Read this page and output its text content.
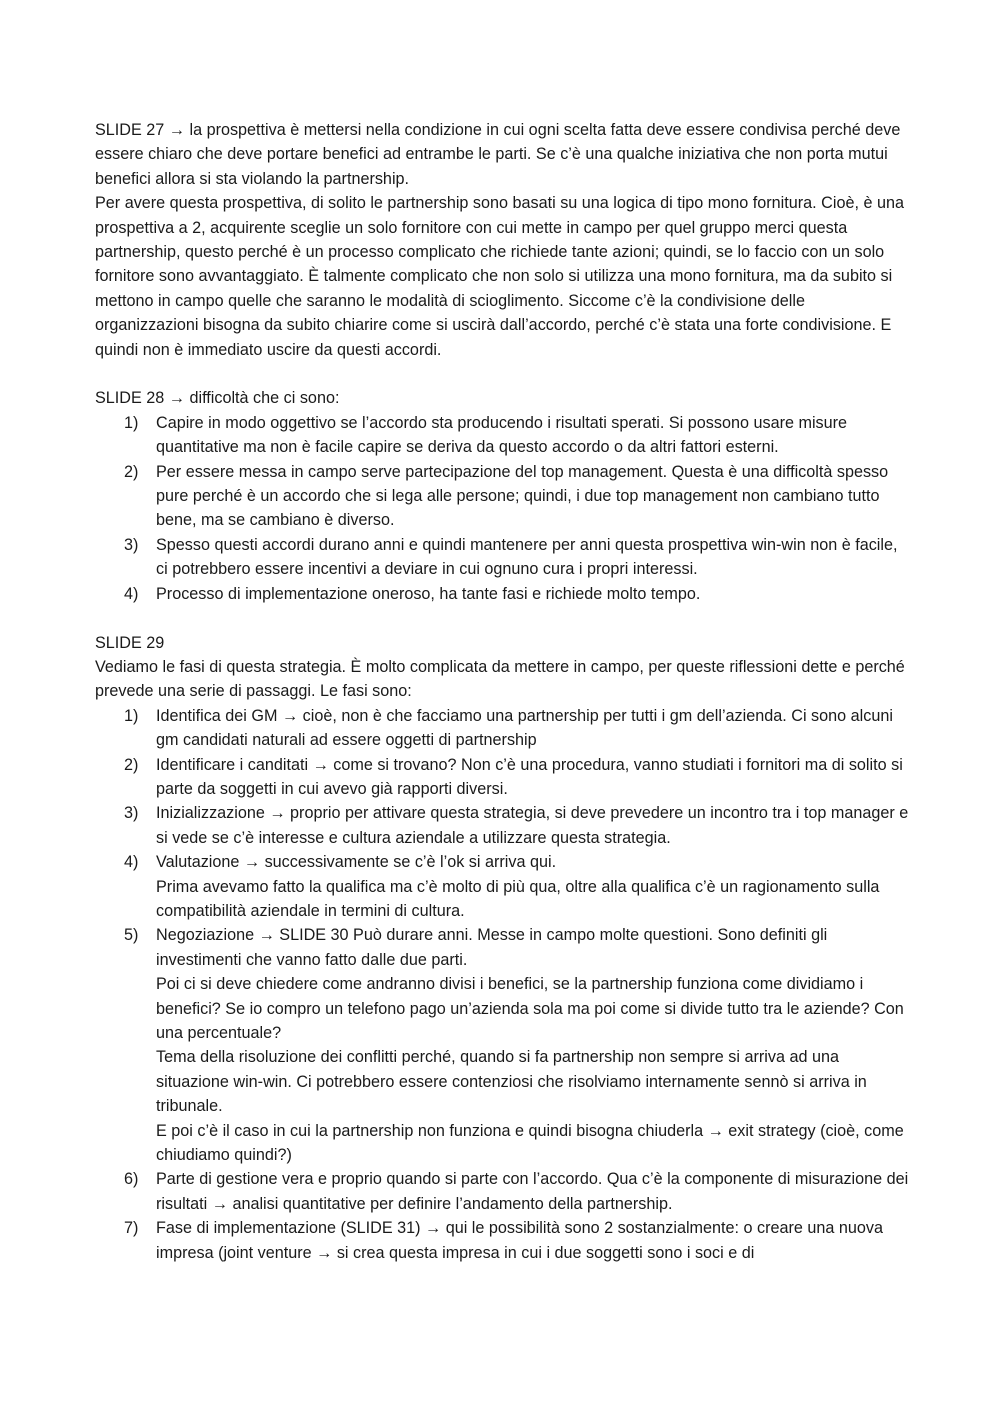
SLIDE 27 → la prospettiva è mettersi nella condizione in cui ogni scelta fatta deve essere condivisa perché deve essere chiaro che deve portare benefici ad entrambe le parti. Se c’è una qualche iniziativa che non porta mutui benefici allora si sta violando la partnership.

Per avere questa prospettiva, di solito le partnership sono basati su una logica di tipo mono fornitura. Cioè, è una prospettiva a 2, acquirente sceglie un solo fornitore con cui mette in campo per quel gruppo merci questa partnership, questo perché è un processo complicato che richiede tante azioni; quindi, se lo faccio con un solo fornitore sono avvantaggiato. È talmente complicato che non solo si utilizza una mono fornitura, ma da subito si mettono in campo quelle che saranno le modalità di scioglimento. Siccome c’è la condivisione delle organizzazioni bisogna da subito chiarire come si uscirà dall’accordo, perché c’è stata una forte condivisione. E quindi non è immediato uscire da questi accordi.

SLIDE 28 → difficoltà che ci sono:

1)	Capire in modo oggettivo se l’accordo sta producendo i risultati sperati. Si possono usare misure quantitative ma non è facile capire se deriva da questo accordo o da altri fattori esterni.
2)	Per essere messa in campo serve partecipazione del top management. Questa è una difficoltà spesso pure perché è un accordo che si lega alle persone; quindi, i due top management non cambiano tutto bene, ma se cambiano è diverso.
3)	Spesso questi accordi durano anni e quindi mantenere per anni questa prospettiva win-win non è facile, ci potrebbero essere incentivi a deviare in cui ognuno cura i propri interessi.
4)	Processo di implementazione oneroso, ha tante fasi e richiede molto tempo.

SLIDE 29

Vediamo le fasi di questa strategia. È molto complicata da mettere in campo, per queste riflessioni dette e perché prevede una serie di passaggi. Le fasi sono:

1)	Identifica dei GM → cioè, non è che facciamo una partnership per tutti i gm dell’azienda. Ci sono alcuni gm candidati naturali ad essere oggetti di partnership
2)	Identificare i canditati → come si trovano? Non c’è una procedura, vanno studiati i fornitori ma di solito si parte da soggetti in cui avevo già rapporti diversi.
3)	Inizializzazione → proprio per attivare questa strategia, si deve prevedere un incontro tra i top manager e si vede se c’è interesse e cultura aziendale a utilizzare questa strategia.
4)	Valutazione → successivamente se c’è l’ok si arriva qui.
Prima avevamo fatto la qualifica ma c’è molto di più qua, oltre alla qualifica c’è un ragionamento sulla compatibilità aziendale in termini di cultura.
5)	Negoziazione → SLIDE 30 Può durare anni. Messe in campo molte questioni. Sono definiti gli investimenti che vanno fatto dalle due parti.
Poi ci si deve chiedere come andranno divisi i benefici, se la partnership funziona come dividiamo i benefici? Se io compro un telefono pago un’azienda sola ma poi come si divide tutto tra le aziende? Con una percentuale?
Tema della risoluzione dei conflitti perché, quando si fa partnership non sempre si arriva ad una situazione win-win. Ci potrebbero essere contenziosi che risolviamo internamente sennò si arriva in tribunale.
E poi c’è il caso in cui la partnership non funziona e quindi bisogna chiuderla → exit strategy (cioè, come chiudiamo quindi?)
6)	Parte di gestione vera e proprio quando si parte con l’accordo. Qua c’è la componente di misurazione dei risultati → analisi quantitative per definire l’andamento della partnership.
7)	Fase di implementazione (SLIDE 31) → qui le possibilità sono 2 sostanzialmente: o creare una nuova impresa (joint venture → si crea questa impresa in cui i due soggetti sono i soci e di
